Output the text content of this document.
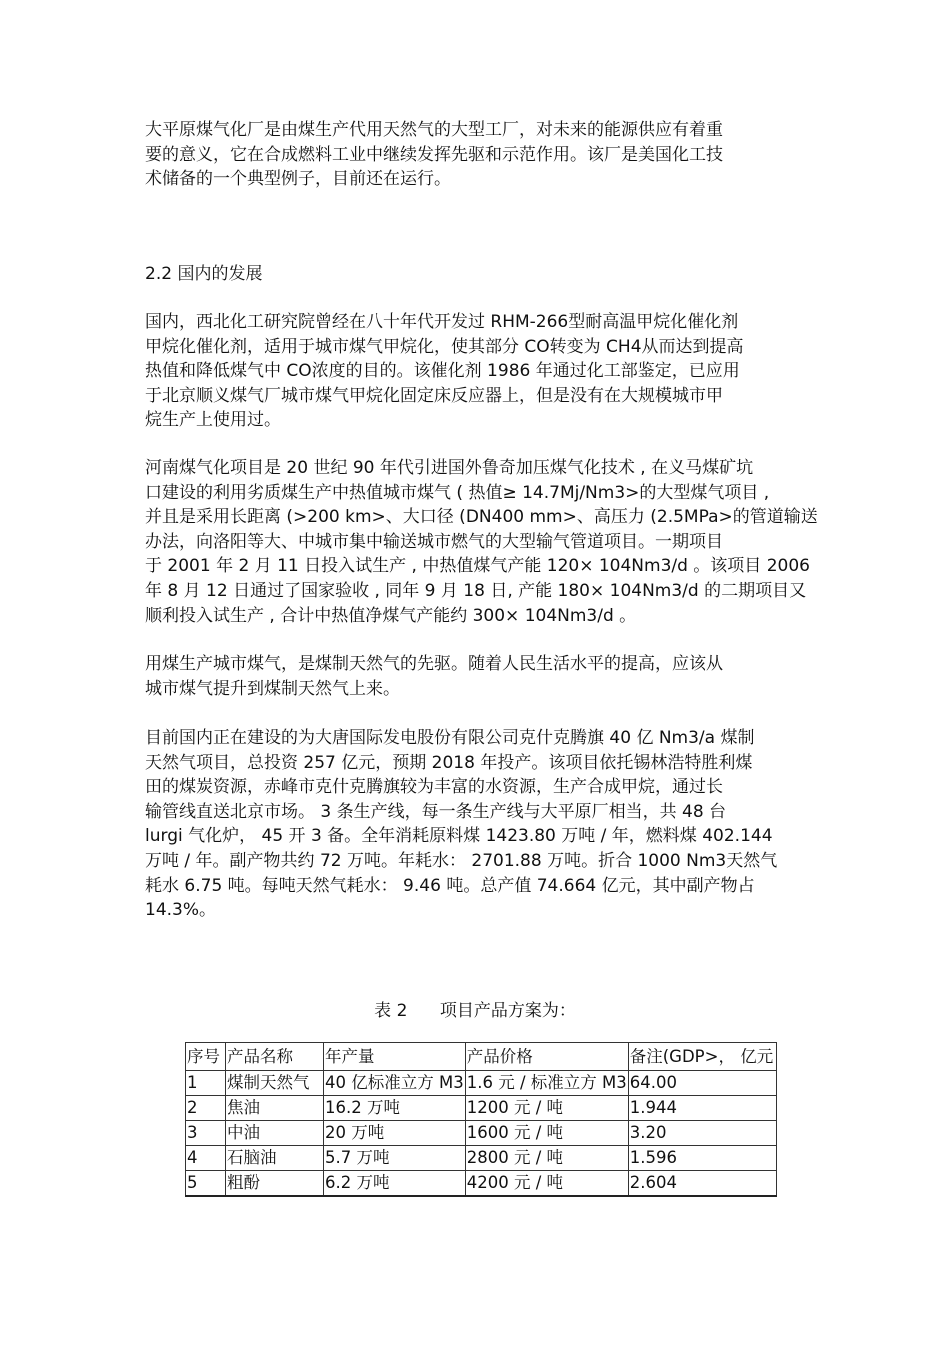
大平原煤气化厂是由煤生产代用天然气的大型工厂，对未来的能源供应有着重
要的意义，它在合成燃料工业中继续发挥先驱和示范作用。该厂是美国化工技
术储备的一个典型例子，目前还在运行。
2.2 国内的发展
国内，西北化工研究院曾经在八十年代开发过 RHM-266型耐高温甲烷化催化剂
甲烷化催化剂，适用于城市煤气甲烷化，使其部分 CO转变为 CH4从而达到提高
热值和降低煤气中 CO浓度的目的。该催化剂 1986 年通过化工部鉴定，已应用
于北京顺义煤气厂城市煤气甲烷化固定床反应器上，但是没有在大规模城市甲
烷生产上使用过。
河南煤气化项目是 20 世纪 90 年代引进国外鲁奇加压煤气化技术 , 在义马煤矿坑
口建设的利用劣质煤生产中热值城市煤气 ( 热值≥ 14.7Mj/Nm3>的大型煤气项目 ,
并且是采用长距离 (>200 km>、大口径 (DN400 mm>、高压力 (2.5MPa>的管道输送
办法，向洛阳等大、中城市集中输送城市燃气的大型输气管道项目。一期项目
于 2001 年 2 月 11 日投入试生产 , 中热值煤气产能 120× 104Nm3/d 。该项目 2006
年 8 月 12 日通过了国家验收 , 同年 9 月 18 日, 产能 180× 104Nm3/d 的二期项目又
顺利投入试生产 , 合计中热值净煤气产能约 300× 104Nm3/d 。
用煤生产城市煤气，是煤制天然气的先驱。随着人民生活水平的提高，应该从
城市煤气提升到煤制天然气上来。
目前国内正在建设的为大唐国际发电股份有限公司克什克腾旗 40 亿 Nm3/a 煤制
天然气项目，总投资 257 亿元，预期 2018 年投产。该项目依托锡林浩特胜利煤
田的煤炭资源，赤峰市克什克腾旗较为丰富的水资源，生产合成甲烷，通过长
输管线直送北京市场。 3 条生产线，每一条生产线与大平原厂相当，共 48 台
lurgi 气化炉， 45 开 3 备。全年消耗原料煤 1423.80 万吨 / 年，燃料煤 402.144
万吨 / 年。副产物共约 72 万吨。年耗水： 2701.88 万吨。折合 1000 Nm3天然气
耗水 6.75 吨。每吨天然气耗水： 9.46 吨。总产值 74.664 亿元，其中副产物占
14.3%。
表 2      项目产品方案为：
序号	产品名称	年产量	产品价格	备注(GDP>， 亿元
1	煤制天然气	40 亿标准立方 M3	1.6 元 / 标准立方 M3	64.00
2	焦油	16.2 万吨	1200 元 / 吨	1.944
3	中油	20 万吨	1600 元 / 吨	3.20
4	石脑油	5.7 万吨	2800 元 / 吨	1.596
5	粗酚	6.2 万吨	4200 元 / 吨	2.604
